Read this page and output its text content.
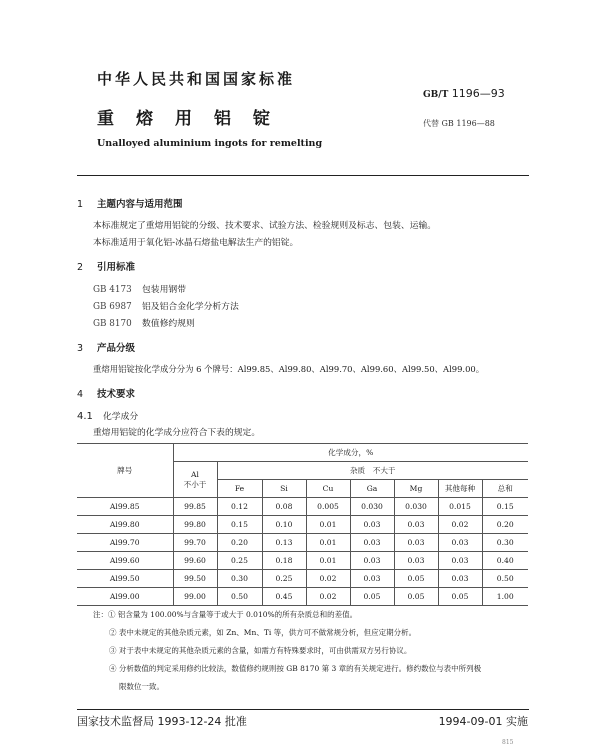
中华人民共和国国家标准
GB/T 1196—93
重熔用铝锭	代替 GB 1196—88
Unalloyed aluminium ingots for remelting
1 主题内容与适用范围
本标准规定了重熔用铝锭的分级、技术要求、试验方法、检验规则及标志、包装、运输。
本标准适用于氧化铝-冰晶石熔盐电解法生产的铝锭。
2 引用标准
GB 4173 包装用钢带
GB 6987 铝及铝合金化学分析方法
GB 8170 数值修约规则
3 产品分级
重熔用铝锭按化学成分分为 6 个牌号：Al99.85、Al99.80、Al99.70、Al99.60、Al99.50、Al99.00。
4 技术要求
4.1 化学成分
重熔用铝锭的化学成分应符合下表的规定。
牌号	化学成分，%							
	Al
不小于	杂质　不大于						
		Fe	Si	Cu	Ga	Mg	其他每种	总和
Al99.85	99.85	0.12	0.08	0.005	0.030	0.030	0.015	0.15
Al99.80	99.80	0.15	0.10	0.01	0.03	0.03	0.02	0.20
Al99.70	99.70	0.20	0.13	0.01	0.03	0.03	0.03	0.30
Al99.60	99.60	0.25	0.18	0.01	0.03	0.03	0.03	0.40
Al99.50	99.50	0.30	0.25	0.02	0.03	0.05	0.03	0.50
Al99.00	99.00	0.50	0.45	0.02	0.05	0.05	0.05	1.00
注：① 铝含量为 100.00%与含量等于或大于 0.010%的所有杂质总和的差值。
② 表中未规定的其他杂质元素，如 Zn、Mn、Ti 等，供方可不做常规分析，但应定期分析。
③ 对于表中未规定的其他杂质元素的含量，如需方有特殊要求时，可由供需双方另行协议。
④ 分析数值的判定采用修约比较法，数值修约规则按 GB 8170 第 3 章的有关规定进行。修约数位与表中所列极
限数位一致。
国家技术监督局 1993-12-24 批准	1994-09-01 实施
815
